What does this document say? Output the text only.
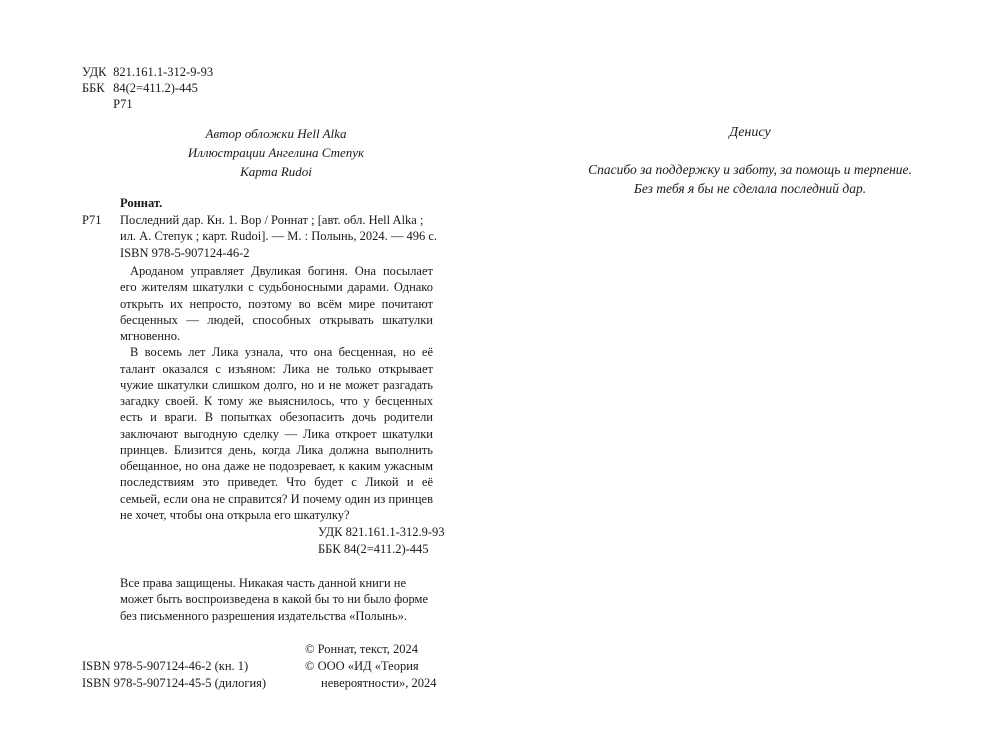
УДК 821.161.1-312-9-93
ББК 84(2=411.2)-445
Р71
Автор обложки Hell Alka
Иллюстрации Ангелина Степук
Карта Rudoi
Роннат.
Р71 Последний дар. Кн. 1. Вор / Роннат ; [авт. обл. Hell Alka ;
ил. А. Степук ; карт. Rudoi]. — М. : Полынь, 2024. — 496 с.
ISBN 978-5-907124-46-2

Ароданом управляет Двуликая богиня. Она посылает его жителям шкатулки с судьбоносными дарами. Однако открыть их непросто, поэтому во всём мире почитают бесценных — людей, способных открывать шкатулки мгновенно.

В восемь лет Лика узнала, что она бесценная, но её талант оказался с изъяном: Лика не только открывает чужие шкатулки слишком долго, но и не может разгадать загадку своей. К тому же выяснилось, что у бесценных есть и враги. В попытках обезопасить дочь родители заключают выгодную сделку — Лика откроет шкатулки принцев. Близится день, когда Лика должна выполнить обещанное, но она даже не подозревает, к каким ужасным последствиям это приведет. Что будет с Ликой и её семьей, если она не справится? И почему один из принцев не хочет, чтобы она открыла его шкатулку?

УДК 821.161.1-312.9-93
ББК 84(2=411.2)-445
Все права защищены. Никакая часть данной книги не может быть воспроизведена в какой бы то ни было форме без письменного разрешения издательства «Полынь».
ISBN 978-5-907124-46-2 (кн. 1)
ISBN 978-5-907124-45-5 (дилогия)
© Роннат, текст, 2024
© ООО «ИД «Теория
невероятности», 2024
Денису
Спасибо за поддержку и заботу, за помощь и терпение.
Без тебя я бы не сделала последний дар.
